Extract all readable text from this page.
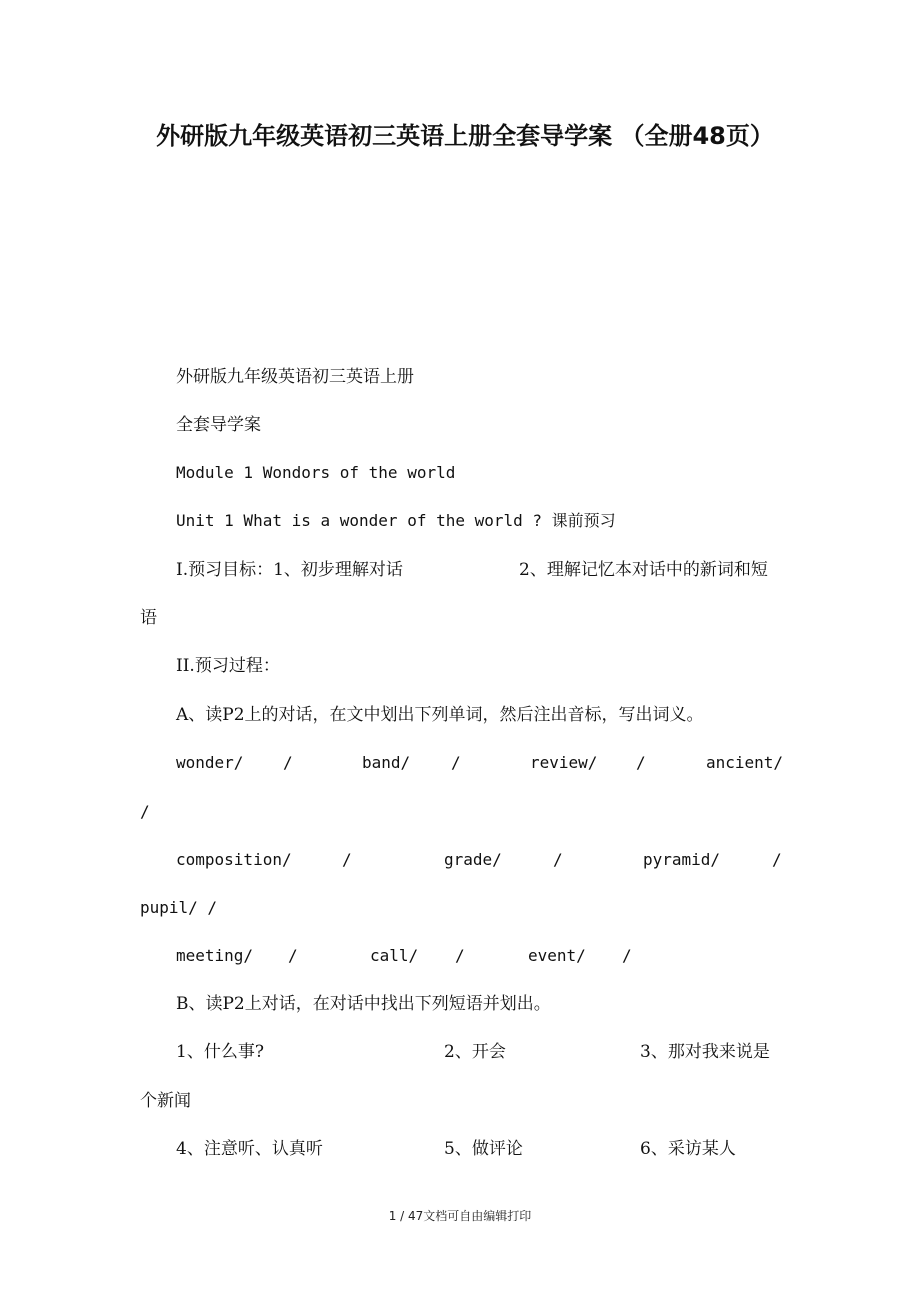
外研版九年级英语初三英语上册全套导学案 （全册48页）
外研版九年级英语初三英语上册
全套导学案
Module 1 Wondors of the world
Unit 1 What is a wonder of the world ? 课前预习
I.预习目标：1、初步理解对话	2、理解记忆本对话中的新词和短
语
II.预习过程：
A、读P2上的对话，在文中划出下列单词，然后注出音标，写出词义。
wonder/ /	band/	/	review/ /	ancient/
/
composition/	/	grade/	/	pyramid/	/
pupil/ /
meeting/ /	call/ /	event/ /
B、读P2上对话，在对话中找出下列短语并划出。
1、什么事?	2、开会	3、那对我来说是
个新闻
4、注意听、认真听	5、做评论	6、采访某人
1 / 47文档可自由编辑打印
